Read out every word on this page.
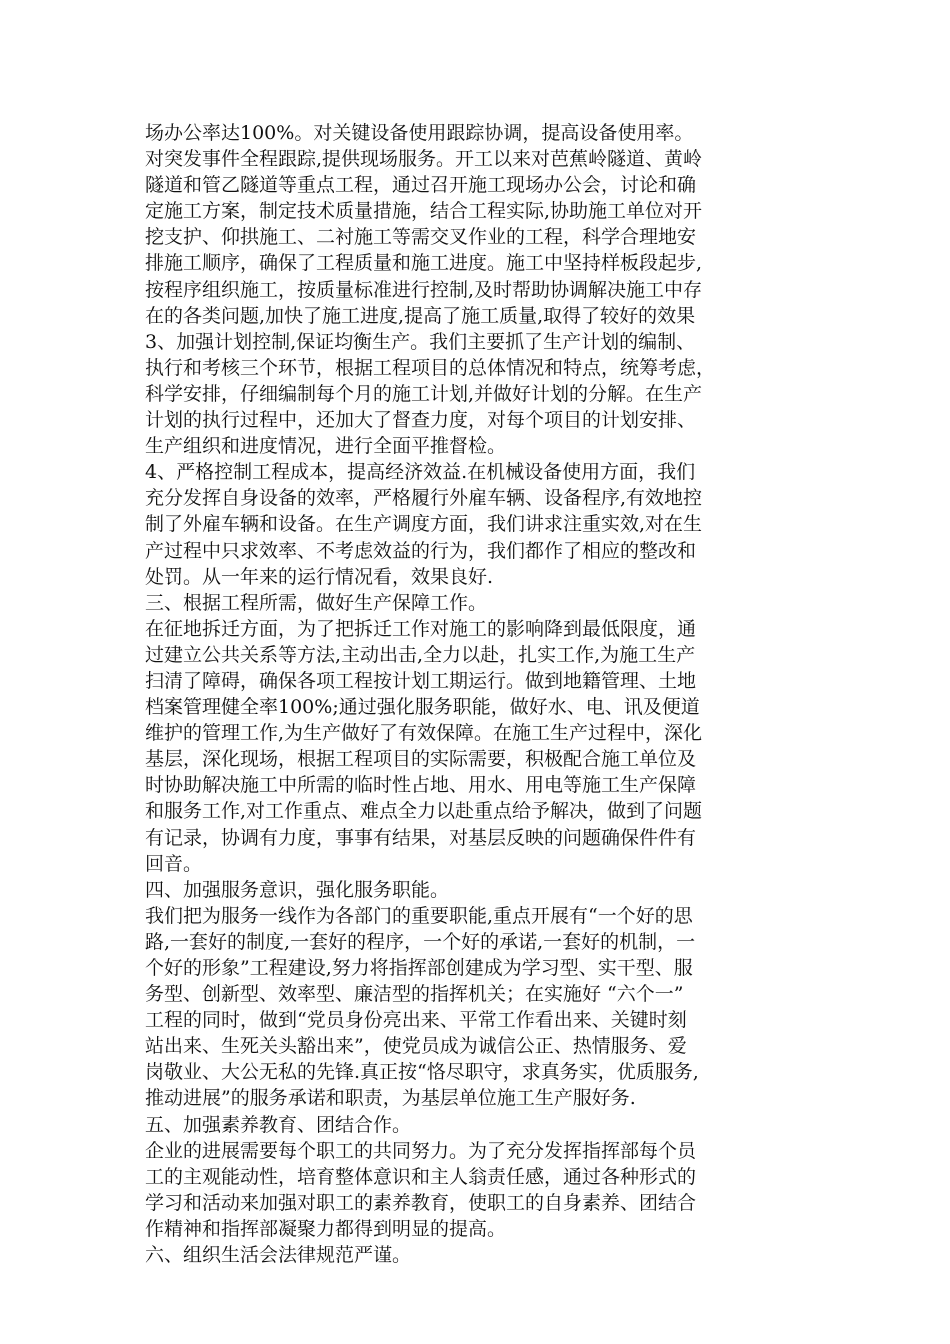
场办公率达100%。对关键设备使用跟踪协调，提高设备使用率。
对突发事件全程跟踪,提供现场服务。开工以来对芭蕉岭隧道、黄岭
隧道和管乙隧道等重点工程，通过召开施工现场办公会，讨论和确
定施工方案，制定技术质量措施，结合工程实际,协助施工单位对开
挖支护、仰拱施工、二衬施工等需交叉作业的工程，科学合理地安
排施工顺序，确保了工程质量和施工进度。施工中坚持样板段起步,
按程序组织施工，按质量标准进行控制,及时帮助协调解决施工中存
在的各类问题,加快了施工进度,提高了施工质量,取得了较好的效果
3、加强计划控制,保证均衡生产。我们主要抓了生产计划的编制、
执行和考核三个环节，根据工程项目的总体情况和特点，统筹考虑，
科学安排，仔细编制每个月的施工计划,并做好计划的分解。在生产
计划的执行过程中，还加大了督查力度，对每个项目的计划安排、
生产组织和进度情况，进行全面平推督检。
4、严格控制工程成本，提高经济效益.在机械设备使用方面，我们
充分发挥自身设备的效率，严格履行外雇车辆、设备程序,有效地控
制了外雇车辆和设备。在生产调度方面，我们讲求注重实效,对在生
产过程中只求效率、不考虑效益的行为，我们都作了相应的整改和
处罚。从一年来的运行情况看，效果良好.
三、根据工程所需，做好生产保障工作。
在征地拆迁方面，为了把拆迁工作对施工的影响降到最低限度，通
过建立公共关系等方法,主动出击,全力以赴，扎实工作,为施工生产
扫清了障碍，确保各项工程按计划工期运行。做到地籍管理、土地
档案管理健全率100%;通过强化服务职能，做好水、电、讯及便道
维护的管理工作,为生产做好了有效保障。在施工生产过程中，深化
基层，深化现场，根据工程项目的实际需要，积极配合施工单位及
时协助解决施工中所需的临时性占地、用水、用电等施工生产保障
和服务工作,对工作重点、难点全力以赴重点给予解决，做到了问题
有记录，协调有力度，事事有结果，对基层反映的问题确保件件有
回音。
四、加强服务意识，强化服务职能。
我们把为服务一线作为各部门的重要职能,重点开展有“一个好的思
路,一套好的制度,一套好的程序，一个好的承诺,一套好的机制，一
个好的形象”工程建设,努力将指挥部创建成为学习型、实干型、服
务型、创新型、效率型、廉洁型的指挥机关；在实施好 “六个一”
工程的同时，做到“党员身份亮出来、平常工作看出来、关键时刻
站出来、生死关头豁出来”，使党员成为诚信公正、热情服务、爱
岗敬业、大公无私的先锋.真正按“恪尽职守，求真务实，优质服务,
推动进展”的服务承诺和职责，为基层单位施工生产服好务.
五、加强素养教育、团结合作。
企业的进展需要每个职工的共同努力。为了充分发挥指挥部每个员
工的主观能动性，培育整体意识和主人翁责任感，通过各种形式的
学习和活动来加强对职工的素养教育，使职工的自身素养、团结合
作精神和指挥部凝聚力都得到明显的提高。
六、组织生活会法律规范严谨。
